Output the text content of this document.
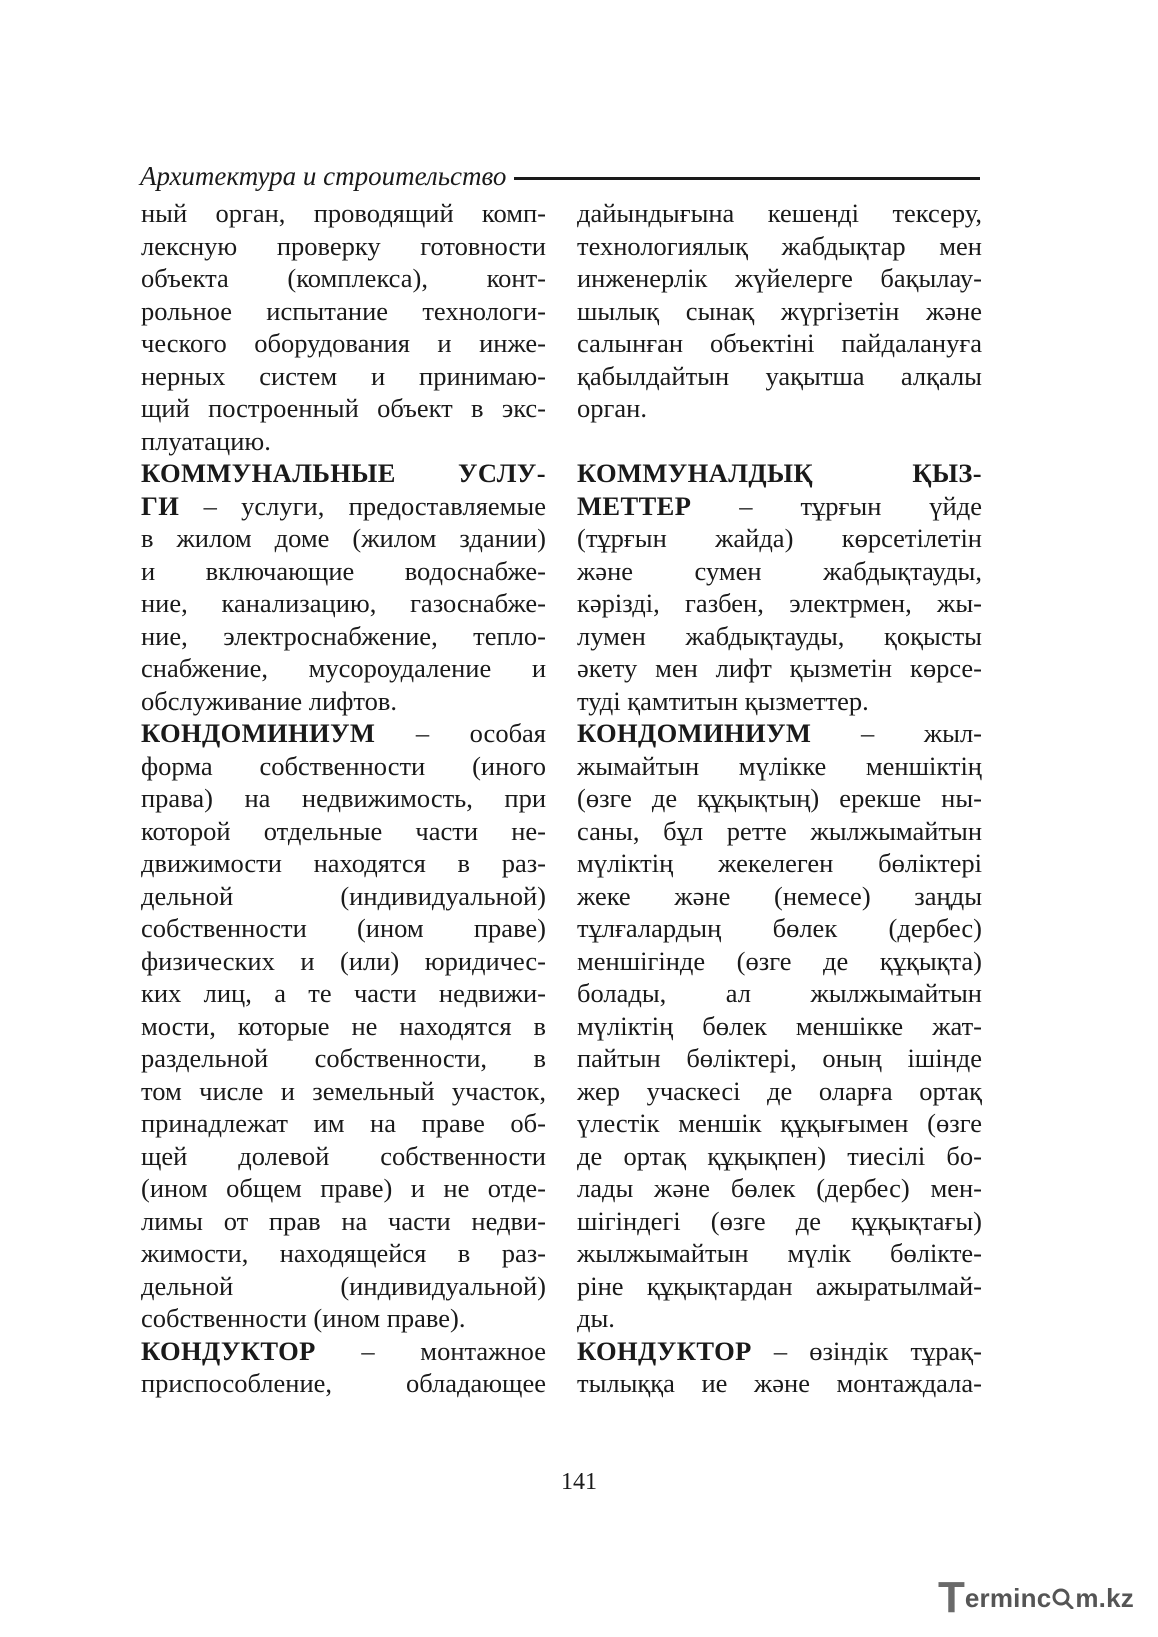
Архитектура и строительство
ный орган, проводящий комп-
лексную проверку готовности
объекта (комплекса), конт-
рольное испытание технологи-
ческого оборудования и инже-
нерных систем и принимаю-
щий построенный объект в экс-
плуатацию.
КОММУНАЛЬНЫЕ УСЛУ-
ГИ – услуги, предоставляемые
в жилом доме (жилом здании)
и включающие водоснабже-
ние, канализацию, газоснабже-
ние, электроснабжение, тепло-
снабжение, мусороудаление и
обслуживание лифтов.
КОНДОМИНИУМ – особая
форма собственности (иного
права) на недвижимость, при
которой отдельные части не-
движимости находятся в раз-
дельной (индивидуальной)
собственности (ином праве)
физических и (или) юридичес-
ких лиц, а те части недвижи-
мости, которые не находятся в
раздельной собственности, в
том числе и земельный участок,
принадлежат им на праве об-
щей долевой собственности
(ином общем праве) и не отде-
лимы от прав на части недви-
жимости, находящейся в раз-
дельной (индивидуальной)
собственности (ином праве).
КОНДУКТОР – монтажное
приспособление, обладающее
дайындығына кешенді тексеру,
технологиялық жабдықтар мен
инженерлік жүйелерге бақылау-
шылық сынақ жүргізетін және
салынған объектіні пайдалануға
қабылдайтын уақытша алқалы
орган.
КОММУНАЛДЫҚ ҚЫЗ-
МЕТТЕР – тұрғын үйде
(тұрғын жайда) көрсетілетін
және сумен жабдықтауды,
кәрізді, газбен, электрмен, жы-
лумен жабдықтауды, қоқысты
әкету мен лифт қызметін көрсе-
туді қамтитын қызметтер.
КОНДОМИНИУМ – жыл-
жымайтын мүлікке меншіктің
(өзге де құқықтың) ерекше ны-
саны, бұл ретте жылжымайтын
мүліктің жекелеген бөліктері
жеке және (немесе) заңды
тұлғалардың бөлек (дербес)
меншігінде (өзге де құқықта)
болады, ал жылжымайтын
мүліктің бөлек меншікке жат-
пайтын бөліктері, оның ішінде
жер учаскесі де оларға ортақ
үлестік меншік құқығымен (өзге
де ортақ құқықпен) тиесілі бо-
лады және бөлек (дербес) мен-
шігіндегі (өзге де құқықтағы)
жылжымайтын мүлік бөлікте-
ріне құқықтардан ажыратылмай-
ды.
КОНДУКТОР – өзіндік тұрақ-
тылыққа ие және монтаждала-
141
T erminc m.kz
